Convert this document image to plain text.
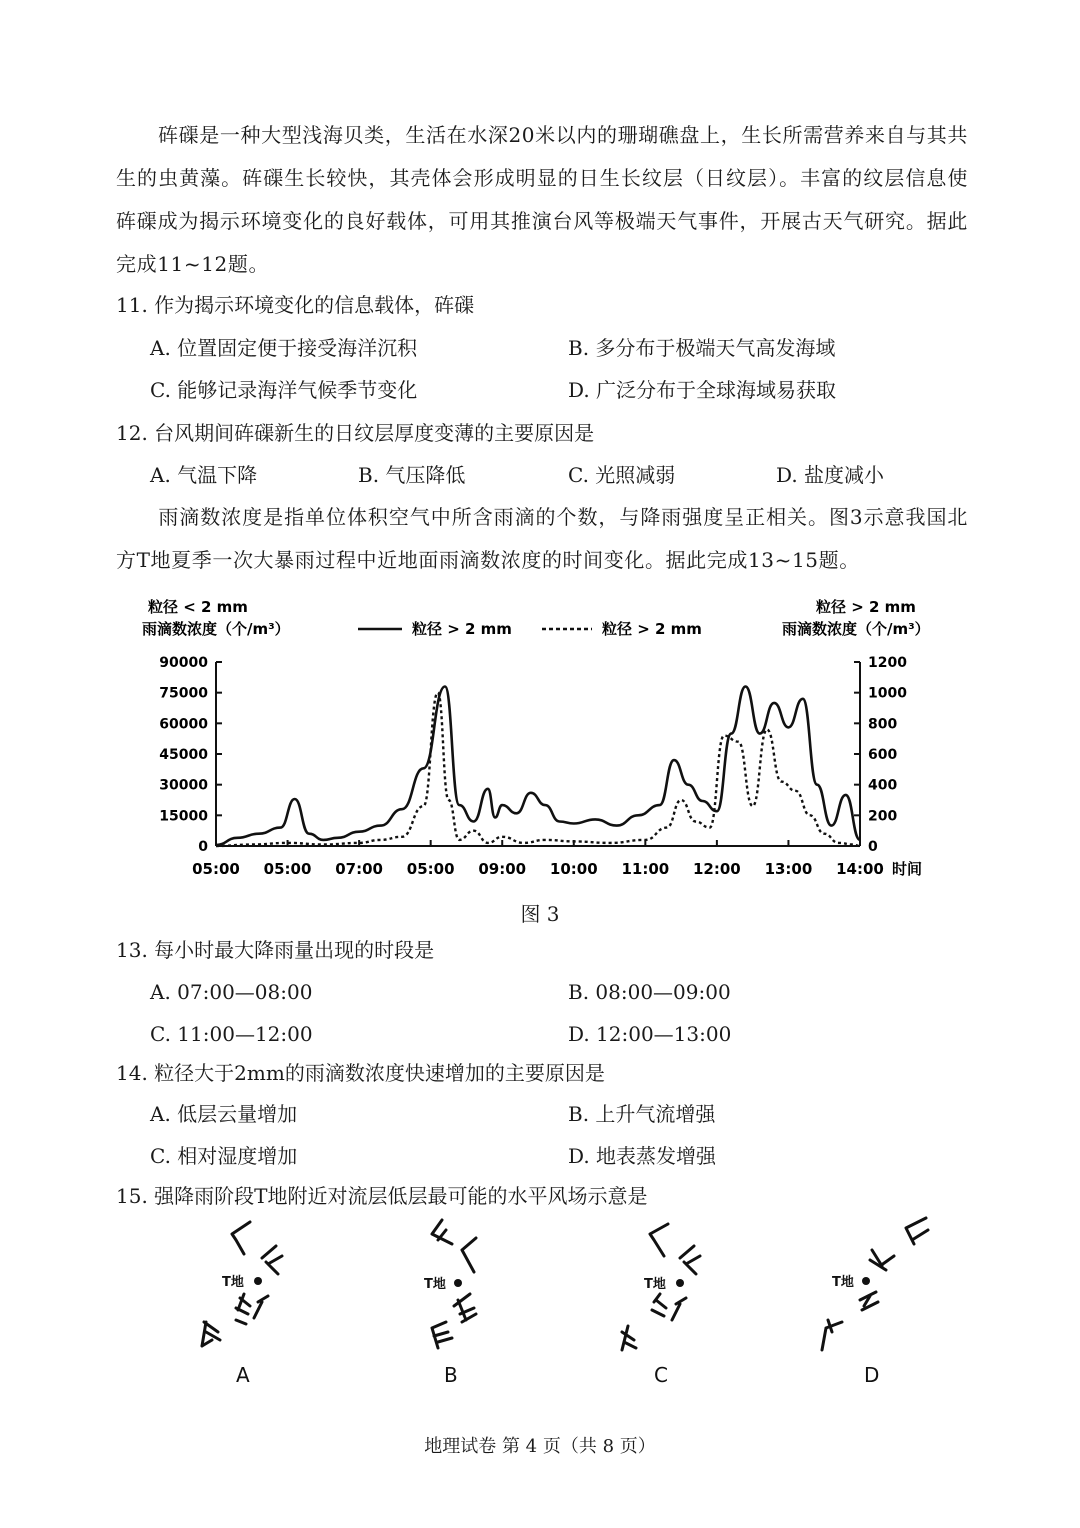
砗磲是一种大型浅海贝类，生活在水深20米以内的珊瑚礁盘上，生长所需营养来自与其共生的虫黄藻。砗磲生长较快，其壳体会形成明显的日生长纹层（日纹层）。丰富的纹层信息使砗磲成为揭示环境变化的良好载体，可用其推演台风等极端天气事件，开展古天气研究。据此完成11~12题。
11. 作为揭示环境变化的信息载体，砗磲
A. 位置固定便于接受海洋沉积	B. 多分布于极端天气高发海域
C. 能够记录海洋气候季节变化	D. 广泛分布于全球海域易获取
12. 台风期间砗磲新生的日纹层厚度变薄的主要原因是
A. 气温下降	B. 气压降低	C. 光照减弱	D. 盐度减小
雨滴数浓度是指单位体积空气中所含雨滴的个数，与降雨强度呈正相关。图3示意我国北方T地夏季一次大暴雨过程中近地面雨滴数浓度的时间变化。据此完成13~15题。
粒径 < 2 mm
雨滴数浓度（个/m³）
粒径 > 2 mm
雨滴数浓度（个/m³）
粒径 > 2 mm	粒径 > 2 mm
90000
75000
60000
45000
30000
15000
0
1200
1000
800
600
400
200
0
05:00 05:00 07:00 05:00 09:00 10:00 11:00 12:00 13:00 14:00 时间
图 3
13. 每小时最大降雨量出现的时段是
A. 07:00—08:00	B. 08:00—09:00
C. 11:00—12:00	D. 12:00—13:00
14. 粒径大于2mm的雨滴数浓度快速增加的主要原因是
A. 低层云量增加	B. 上升气流增强
C. 相对湿度增加	D. 地表蒸发增强
15. 强降雨阶段T地附近对流层低层最可能的水平风场示意是
T地	T地	T地	T地
A	B	C	D
地理试卷 第 4 页（共 8 页）
